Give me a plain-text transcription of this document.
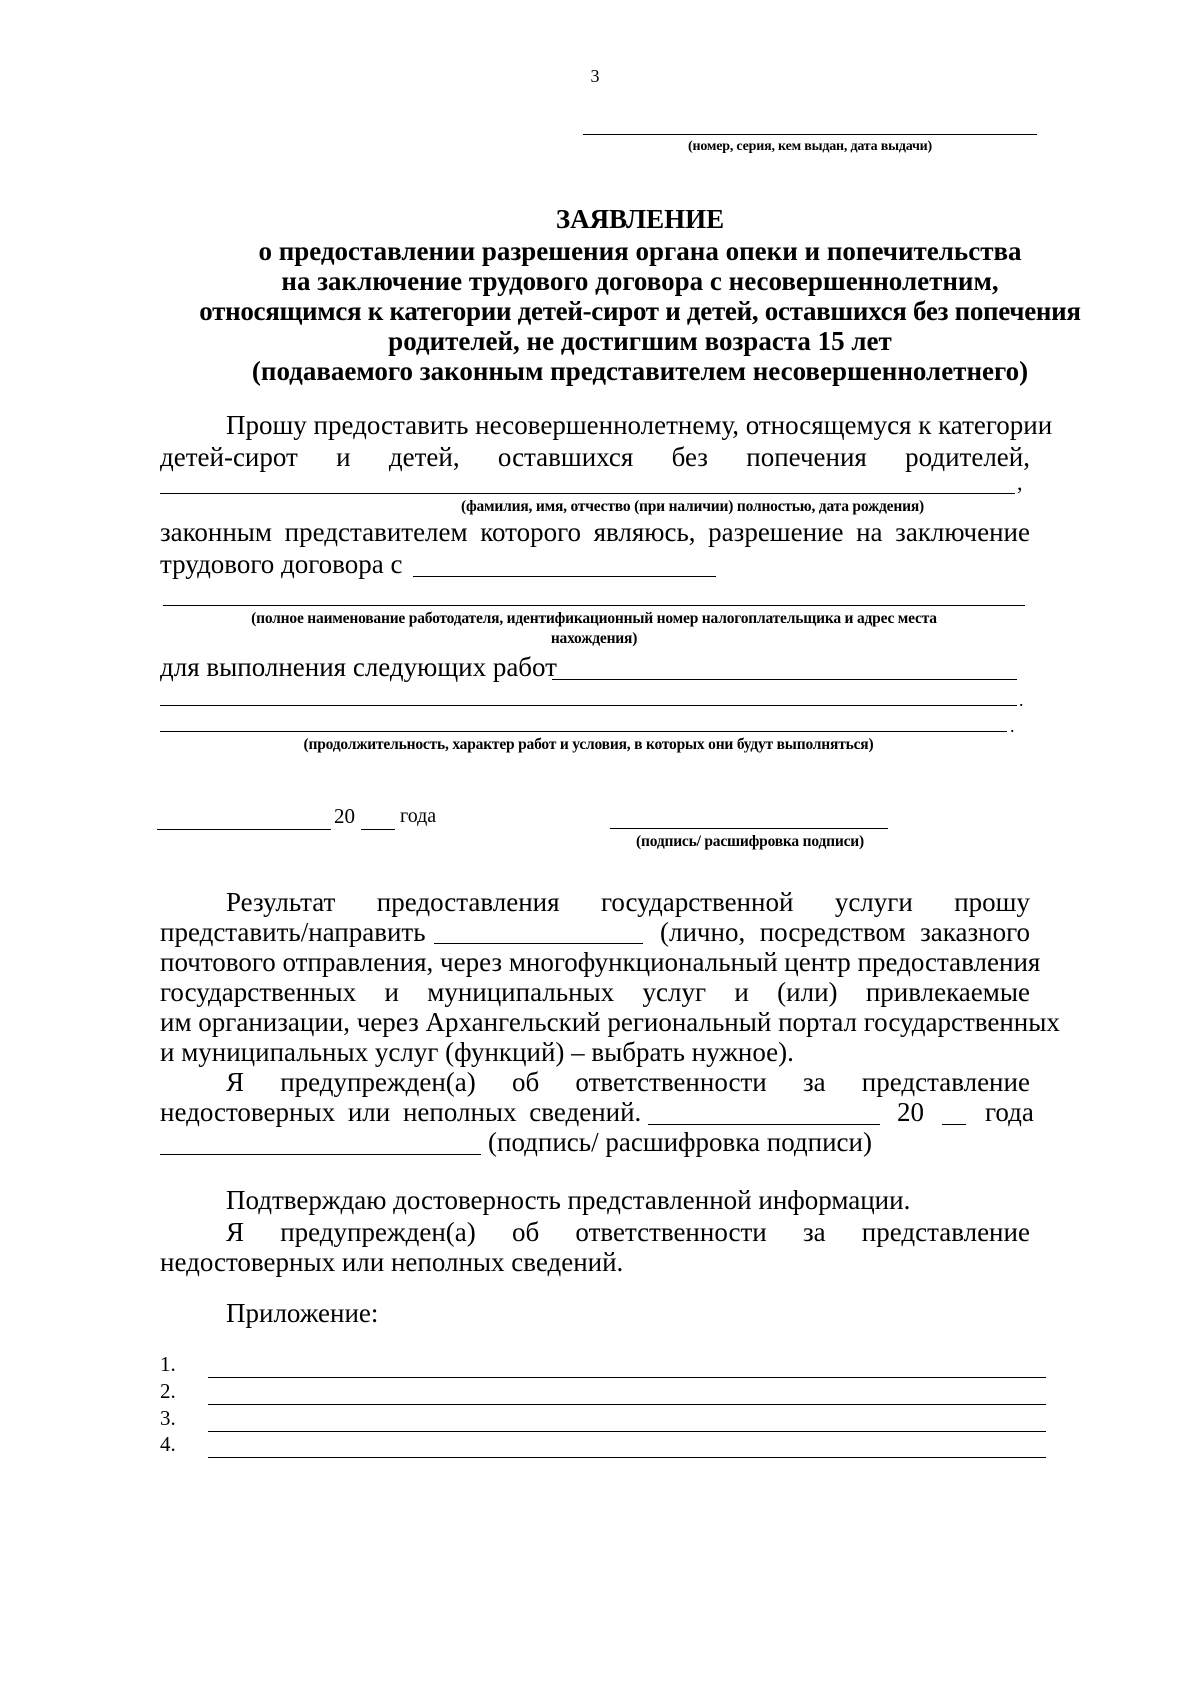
3
(номер, серия, кем выдан, дата выдачи)
ЗАЯВЛЕНИЕ
о предоставлении разрешения органа опеки и попечительства
на заключение трудового договора с несовершеннолетним,
относящимся к категории детей-сирот и детей, оставшихся без попечения
родителей, не достигшим возраста 15 лет
(подаваемого законным представителем несовершеннолетнего)
Прошу предоставить несовершеннолетнему, относящемуся к категории
детей-сирот и детей, оставшихся без попечения родителей,
,
(фамилия, имя, отчество (при наличии) полностью, дата рождения)
законным представителем которого являюсь, разрешение на заключение
трудового договора с
(полное наименование работодателя, идентификационный номер налогоплательщика и адрес места
нахождения)
для выполнения следующих работ
.
.
(продолжительность, характер работ и условия, в которых они будут выполняться)
20 года
(подпись/ расшифровка подписи)
Результат предоставления государственной услуги прошу
представить/направить	(лично, посредством заказного
почтового отправления, через многофункциональный центр предоставления
государственных и муниципальных услуг и (или) привлекаемые
им организации, через Архангельский региональный портал государственных
и муниципальных услуг (функций) – выбрать нужное).
Я предупрежден(а) об ответственности за представление
недостоверных или неполных сведений.	20 года
(подпись/ расшифровка подписи)
Подтверждаю достоверность представленной информации.
Я предупрежден(а) об ответственности за представление
недостоверных или неполных сведений.
Приложение:
1.
2.
3.
4.
